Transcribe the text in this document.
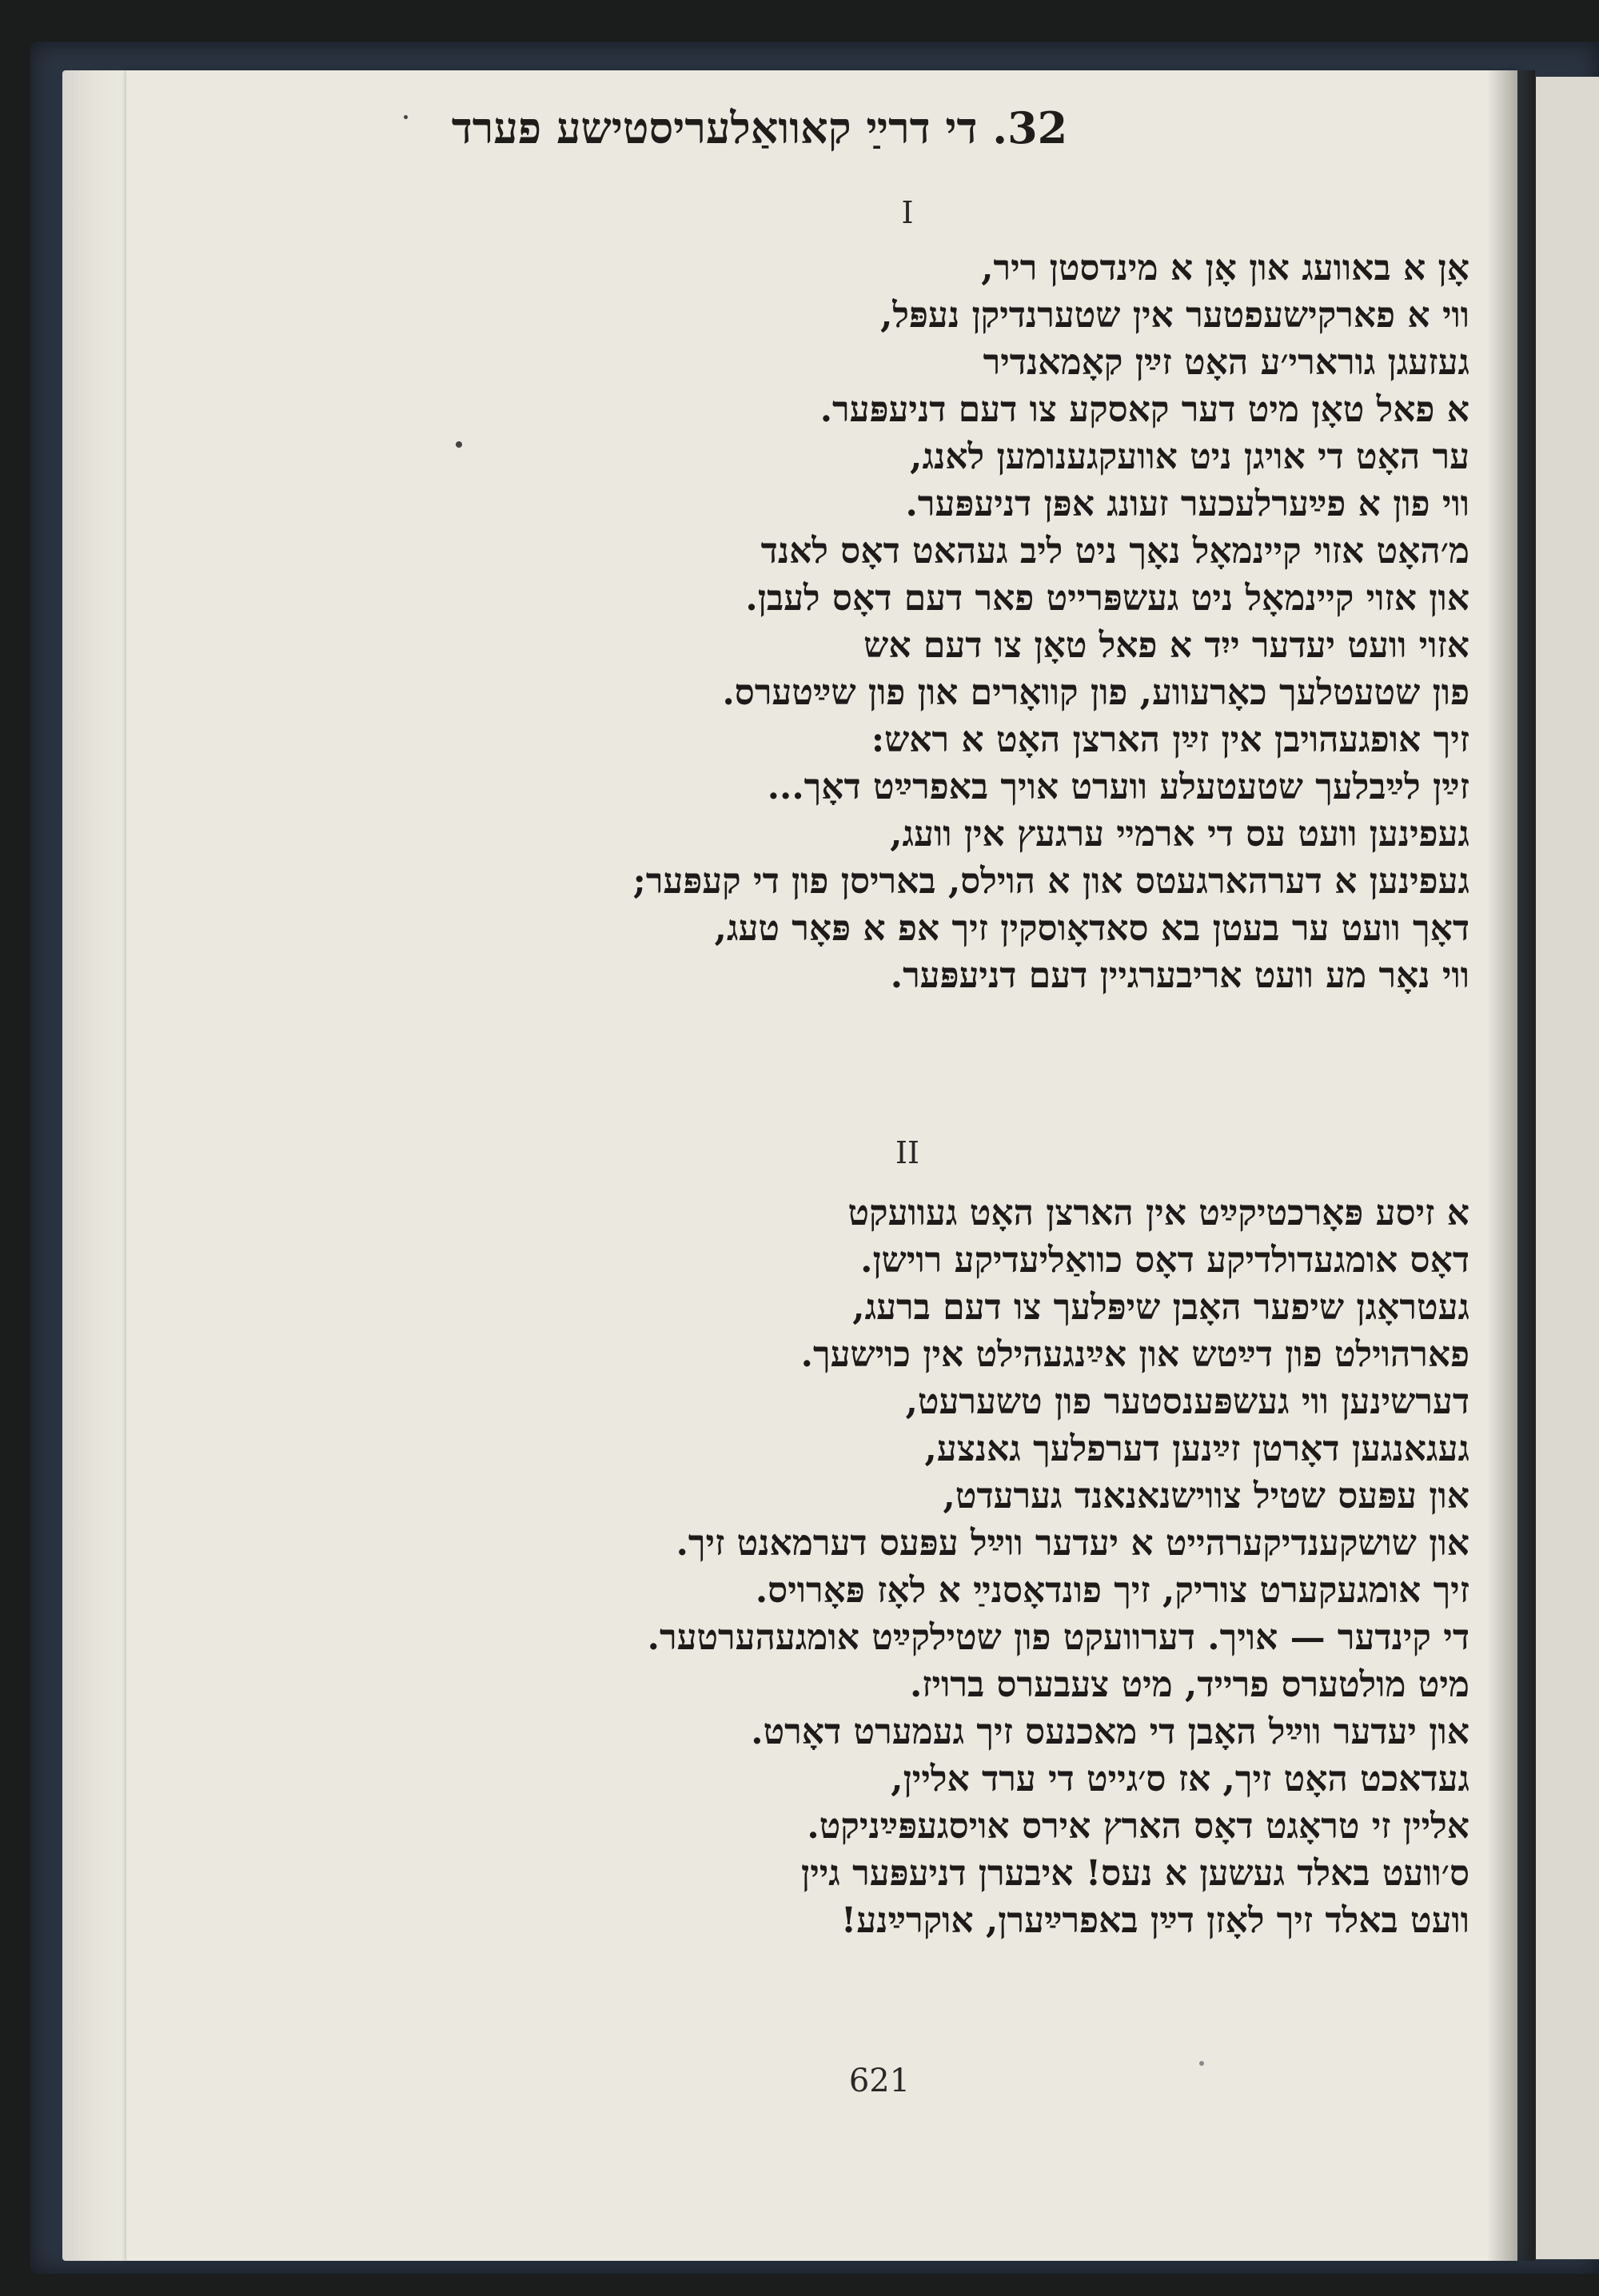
32. די דרײַ קאוואַלעריסטישע פערד
I
אָן א באוועג און אָן א מינדסטן ריר,
ווי א פארקישעפטער אין שטערנדיקן נעפּל,
געזעגן גורארי׳ע האָט זײַן קאָמאנדיר
א פאל טאָן מיט דער קאסקע צו דעם דניעפּער.
ער האָט די אויגן ניט אוועקגענומען לאנג,
ווי פון א פײַערלעכער זעונג אפּן דניעפּער.
מ׳האָט אזוי קיינמאָל נאָך ניט ליב געהאט דאָס לאנד
און אזוי קיינמאָל ניט געשפּרייט פאר דעם דאָס לעבן.
אזוי וועט יעדער ייִד א פאל טאָן צו דעם אש
פון שטעטלעך כאָרעווע, פון קוואָרים און פון שײַטערס.
זיך אופגעהויבן אין זײַן הארצן האָט א ראש:
זײַן לײַבלעך שטעטעלע ווערט אויך באפרײַט דאָך...
געפינען וועט עס די ארמײ ערגעץ אין וועג,
געפינען א דערהארגעטס און א הוילס, באריסן פון די קעפּער;
דאָך וועט ער בעטן בא סאדאָוסקין זיך אפ א פּאָר טעג,
ווי נאָר מע וועט אריבערגיין דעם דניעפּער.
II
א זיסע פּאָרכטיקײַט אין הארצן האָט געוועקט
דאָס אומגעדולדיקע דאָס כוואַליעדיקע רוישן.
געטראָגן שיפער האָבן שיפּלעך צו דעם ברעג,
פארהוילט פון דײַטש און אײַנגעהילט אין כוישעך.
דערשינען ווי געשפּענסטער פון טשערעט,
געגאנגען דאָרטן זײַנען דערפלעך גאנצע,
און עפּעס שטיל צווישנאנאנד גערעדט,
און שושקענדיקערהייט א יעדער ווײַל עפּעס דערמאנט זיך.
זיך אומגעקערט צוריק, זיך פונדאָסנײַ א לאָז פּאָרויס.
די קינדער — אויך. דערוועקט פון שטילקײַט אומגעהערטער.
מיט מולטערס פרייד, מיט צעבערס ברויז.
און יעדער ווײַל האָבן די מאכנעס זיך געמערט דאָרט.
געדאכט האָט זיך, אז ס׳גייט די ערד אליין,
אליין זי טראָגט דאָס הארץ אירס אויסגעפּײַניקט.
ס׳וועט באלד געשען א נעס! איבערן דניעפּער גיין
וועט באלד זיך לאָזן דײַן באפרײַערן, אוקרײַנע!
621
